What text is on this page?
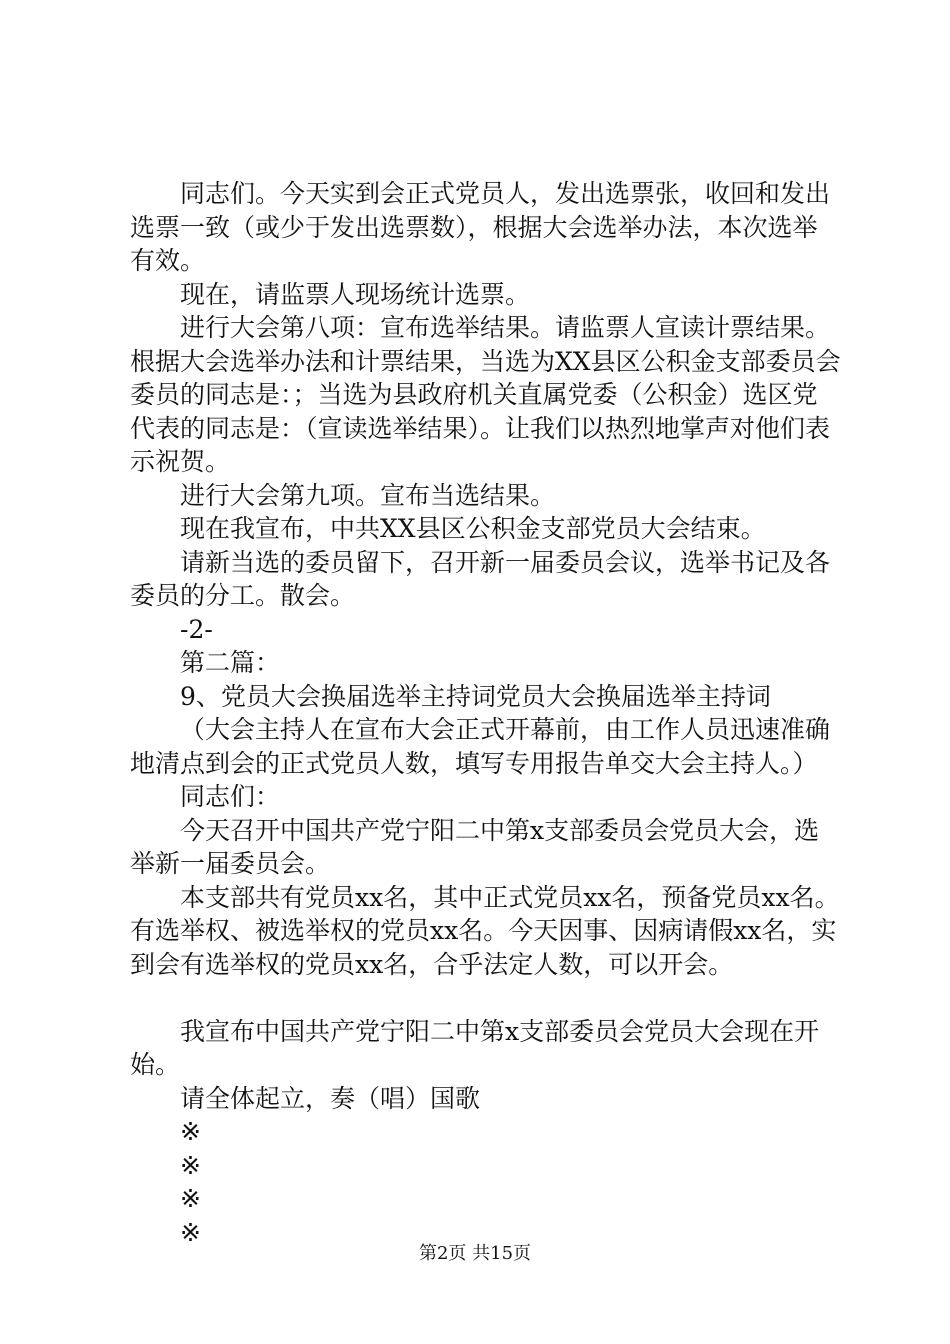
同志们。今天实到会正式党员人，发出选票张，收回和发出选票一致（或少于发出选票数），根据大会选举办法，本次选举有效。

现在，请监票人现场统计选票。

进行大会第八项：宣布选举结果。请监票人宣读计票结果。根据大会选举办法和计票结果，当选为XX县区公积金支部委员会委员的同志是：；当选为县政府机关直属党委（公积金）选区党代表的同志是：（宣读选举结果）。让我们以热烈地掌声对他们表示祝贺。

进行大会第九项。宣布当选结果。

现在我宣布，中共XX县区公积金支部党员大会结束。

请新当选的委员留下，召开新一届委员会议，选举书记及各委员的分工。散会。

-2-

第二篇：

9、党员大会换届选举主持词党员大会换届选举主持词

（大会主持人在宣布大会正式开幕前，由工作人员迅速准确地清点到会的正式党员人数，填写专用报告单交大会主持人。）

同志们：

今天召开中国共产党宁阳二中第x支部委员会党员大会，选举新一届委员会。

本支部共有党员xx名，其中正式党员xx名，预备党员xx名。有选举权、被选举权的党员xx名。今天因事、因病请假xx名，实到会有选举权的党员xx名，合乎法定人数，可以开会。

我宣布中国共产党宁阳二中第x支部委员会党员大会现在开始。

请全体起立，奏（唱）国歌

※

※

※

※

第2页 共15页
